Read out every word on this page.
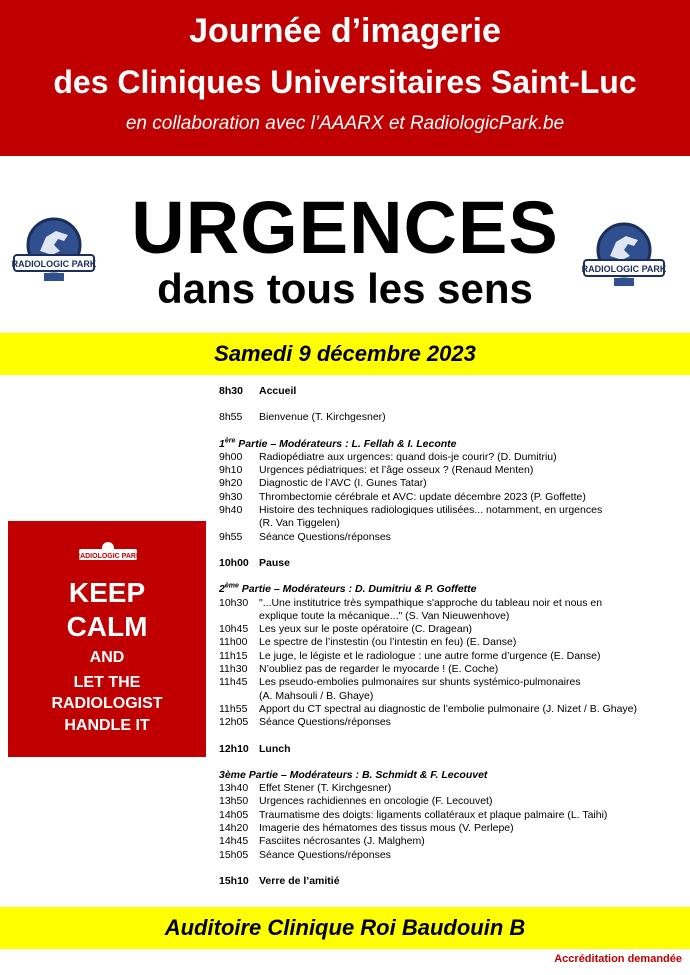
Journée d’imagerie
des Cliniques Universitaires Saint-Luc
en collaboration avec l’AAARX et RadiologicPark.be
RADIOLOGIC PARK	RADIOLOGIC PARK
URGENCES
dans tous les sens
Samedi 9 décembre 2023
RADIOLOGIC PARK
KEEP
CALM
AND
LET THE
RADIOLOGIST
HANDLE IT
8h30 Accueil
8h55 Bienvenue (T. Kirchgesner)
1ère Partie – Modérateurs : L. Fellah & I. Leconte
9h00 Radiopédiatre aux urgences: quand dois-je courir? (D. Dumitriu)
9h10 Urgences pédiatriques: et l’âge osseux ? (Renaud Menten)
9h20 Diagnostic de l’AVC (I. Gunes Tatar)
9h30 Thrombectomie cérébrale et AVC: update décembre 2023 (P. Goffette)
9h40 Histoire des techniques radiologiques utilisées... notamment, en urgences
(R. Van Tiggelen)
9h55 Séance Questions/réponses
10h00 Pause
2ème Partie – Modérateurs : D. Dumitriu & P. Goffette
10h30 "...Une institutrice très sympathique s'approche du tableau noir et nous en
explique toute la mécanique..." (S. Van Nieuwenhove)
10h45 Les yeux sur le poste opératoire (C. Dragean)
11h00 Le spectre de l’instestin (ou l’intestin en feu) (E. Danse)
11h15 Le juge, le légiste et le radiologue : une autre forme d’urgence (E. Danse)
11h30 N’oubliez pas de regarder le myocarde ! (E. Coche)
11h45 Les pseudo-embolies pulmonaires sur shunts systémico-pulmonaires
(A. Mahsouli / B. Ghaye)
11h55 Apport du CT spectral au diagnostic de l’embolie pulmonaire (J. Nizet / B. Ghaye)
12h05 Séance Questions/réponses
12h10 Lunch
3ème Partie – Modérateurs : B. Schmidt & F. Lecouvet
13h40 Effet Stener (T. Kirchgesner)
13h50 Urgences rachidiennes en oncologie (F. Lecouvet)
14h05 Traumatisme des doigts: ligaments collatéraux et plaque palmaire (L. Taihi)
14h20 Imagerie des hématomes des tissus mous (V. Perlepe)
14h45 Fasciites nécrosantes (J. Malghem)
15h05 Séance Questions/réponses
15h10 Verre de l’amitié
Auditoire Clinique Roi Baudouin B
Accréditation demandée
